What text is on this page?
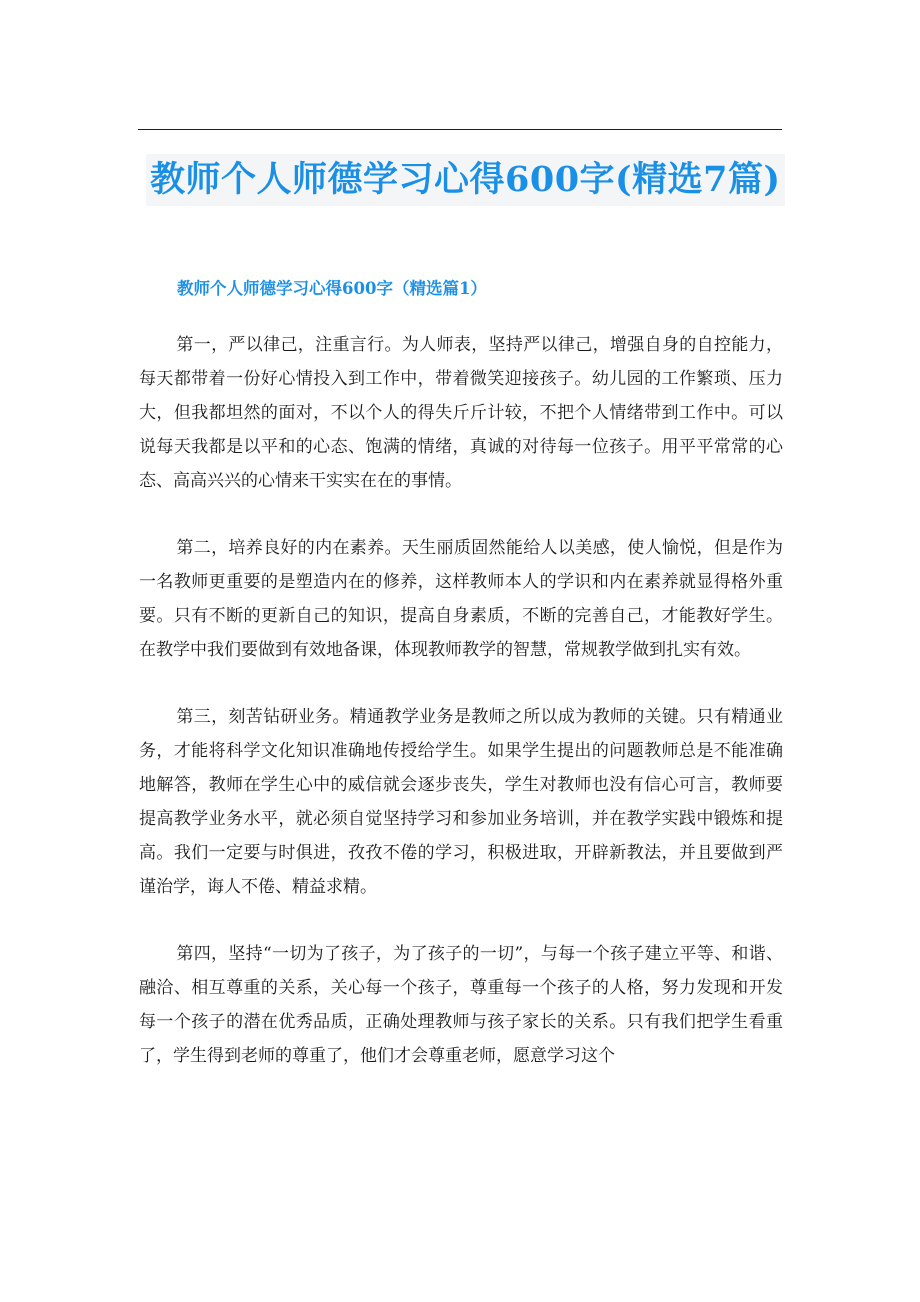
教师个人师德学习心得600字(精选7篇)
教师个人师德学习心得600字（精选篇1）

第一，严以律己，注重言行。为人师表，坚持严以律己，增强自身的自控能力，每天都带着一份好心情投入到工作中，带着微笑迎接孩子。幼儿园的工作繁琐、压力大，但我都坦然的面对，不以个人的得失斤斤计较，不把个人情绪带到工作中。可以说每天我都是以平和的心态、饱满的情绪，真诚的对待每一位孩子。用平平常常的心态、高高兴兴的心情来干实实在在的事情。

第二，培养良好的内在素养。天生丽质固然能给人以美感，使人愉悦，但是作为一名教师更重要的是塑造内在的修养，这样教师本人的学识和内在素养就显得格外重要。只有不断的更新自己的知识，提高自身素质，不断的完善自己，才能教好学生。在教学中我们要做到有效地备课，体现教师教学的智慧，常规教学做到扎实有效。

第三，刻苦钻研业务。精通教学业务是教师之所以成为教师的关键。只有精通业务，才能将科学文化知识准确地传授给学生。如果学生提出的问题教师总是不能准确地解答，教师在学生心中的威信就会逐步丧失，学生对教师也没有信心可言，教师要提高教学业务水平，就必须自觉坚持学习和参加业务培训，并在教学实践中锻炼和提高。我们一定要与时俱进，孜孜不倦的学习，积极进取，开辟新教法，并且要做到严谨治学，诲人不倦、精益求精。

第四，坚持“一切为了孩子，为了孩子的一切”，与每一个孩子建立平等、和谐、融洽、相互尊重的关系，关心每一个孩子，尊重每一个孩子的人格，努力发现和开发每一个孩子的潜在优秀品质，正确处理教师与孩子家长的关系。只有我们把学生看重了，学生得到老师的尊重了，他们才会尊重老师，愿意学习这个
